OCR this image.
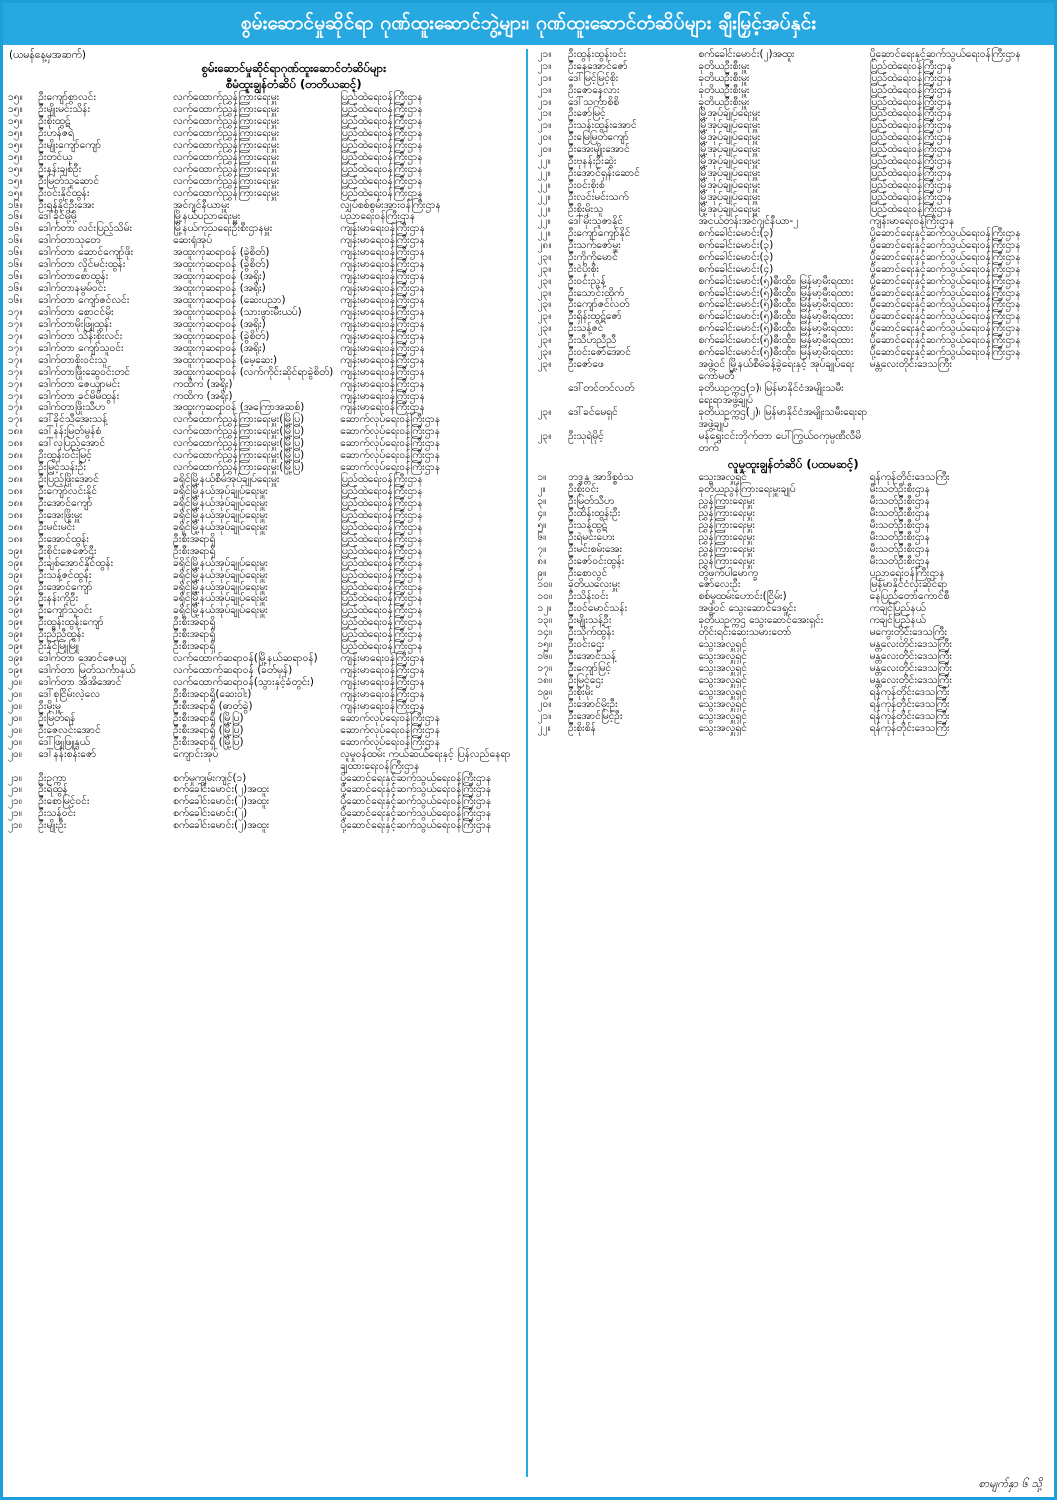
စွမ်းဆောင်မှုဆိုင်ရာ ဂုဏ်ထူးဆောင်ဘွဲ့များ၊ ဂုဏ်ထူးဆောင်တံဆိပ်များ ချီးမြှင့်အပ်နှင်း
(ယမန်နေ့မှအဆက်)
စွမ်းဆောင်မှုဆိုင်ရာဂုဏ်ထူးဆောင်တံဆိပ်များ
စီမံထူးချွန်တံဆိပ် (တတိယဆင့်)
၁၅။	ဦးကျော်စွာလင်း	လက်ထောက်ညွှန်ကြားရေးမှူး	ပြည်ထဲရေးဝန်ကြီးဌာန
၁၅။	ဦးမျိုးမင်းသိန်း	လက်ထောက်ညွှန်ကြားရေးမှူး	ပြည်ထဲရေးဝန်ကြီးဌာန
၁၅။	ဦးစိုးထွဋ်	လက်ထောက်ညွှန်ကြားရေးမှူး	ပြည်ထဲရေးဝန်ကြီးဌာန
၁၅။	ဦးဟန်ဇရဲ	လက်ထောက်ညွှန်ကြားရေးမှူး	ပြည်ထဲရေးဝန်ကြီးဌာန
၁၅။	ဦးမျိုးကျော်ကျော်	လက်ထောက်ညွှန်ကြားရေးမှူး	ပြည်ထဲရေးဝန်ကြီးဌာန
၁၅။	ဦးတင်ယု	လက်ထောက်ညွှန်ကြားရေးမှူး	ပြည်ထဲရေးဝန်ကြီးဌာန
၁၅။	ဦးနန်းချစ်ဦး	လက်ထောက်ညွှန်ကြားရေးမှူး	ပြည်ထဲရေးဝန်ကြီးဌာန
၁၅။	ဦးမြတ်သူဆောင်	လက်ထောက်ညွှန်ကြားရေးမှူး	ပြည်ထဲရေးဝန်ကြီးဌာန
၁၅။	ဦးဝင်းနိုင်ထွန်း	လက်ထောက်ညွှန်ကြားရေးမှူး	ပြည်ထဲရေးဝန်ကြီးဌာန
၁၆။	ဦးရန်နိုင်ဦးအေး	အင်ဂျင်နီယာမှူး	လျှပ်စစ်စွမ်းအားဝန်ကြီးဌာန
၁၆။	ဒေါ်ခိုင်မို့မို့	မြို့နယ်ပညာရေးမှူး	ပညာရေးဝန်ကြီးဌာန
၁၆။	ဒေါက်တာ လင်းပြည့်သိမ်း	မြို့နယ်ကုသရေးဦးစီးဌာနမှူး	ကျန်းမာရေးဝန်ကြီးဌာန
၁၆။	ဒေါက်တာသုတေ	ဆေးရုံအုပ်	ကျန်းမာရေးဝန်ကြီးဌာန
၁၆။	ဒေါက်တာ ဆောင်ကျော်ဖိုး	အထူးကုဆရာဝန် (ခွဲစိတ်)	ကျန်းမာရေးဝန်ကြီးဌာန
၁၆။	ဒေါက်တာ လှိုင်မင်းထွန်း	အထူးကုဆရာဝန် (ခွဲစိတ်)	ကျန်းမာရေးဝန်ကြီးဌာန
၁၆။	ဒေါက်တာစောထွန်း	အထူးကုဆရာဝန် (အရိုး)	ကျန်းမာရေးဝန်ကြီးဌာန
၁၆။	ဒေါက်တာနမွမ်ဝင်း	အထူးကုဆရာဝန် (အရိုး)	ကျန်းမာရေးဝန်ကြီးဌာန
၁၆။	ဒေါက်တာ ကျော်ဇင်လင်း	အထူးကုဆရာဝန် (ဆေးပညာ)	ကျန်းမာရေးဝန်ကြီးဌာန
၁၇။	ဒေါက်တာ စောငင်မိုး	အထူးကုဆရာဝန် (သားဖွားမီးယပ်)	ကျန်းမာရေးဝန်ကြီးဌာန
၁၇။	ဒေါက်တာမိုးဖြူထွန်း	အထူးကုဆရာဝန် (အရိုး)	ကျန်းမာရေးဝန်ကြီးဌာန
၁၇။	ဒေါက်တာ သိန်းစိုးလင်း	အထူးကုဆရာဝန် (ခွဲစိတ်)	ကျန်းမာရေးဝန်ကြီးဌာန
၁၇။	ဒေါက်တာ ကျော်သူဝင်း	အထူးကုဆရာဝန် (အရိုး)	ကျန်းမာရေးဝန်ကြီးဌာန
၁၇။	ဒေါက်တာစိုးဝင်းသူ	အထူးကုဆရာဝန် (မေ့ဆေး)	ကျန်းမာရေးဝန်ကြီးဌာန
၁၇။	ဒေါက်တာဖြိုးဆွေဝင်းတင်	အထူးကုဆရာဝန် (လက်ကိုင်းဆိုင်ရာခွဲစိတ်)	ကျန်းမာရေးဝန်ကြီးဌာန
၁၇။	ဒေါက်တာ ဇေယျာမင်း	ကထိက (အရိုး)	ကျန်းမာရေးဝန်ကြီးဌာန
၁၇။	ဒေါက်တာ ခင်မိမိထွန်း	ကထိက (အရိုး)	ကျန်းမာရေးဝန်ကြီးဌာန
၁၇။	ဒေါက်တာဖြိုးသီဟ	အထူးကုဆရာဝန် (အကြောအဆစ်)	ကျန်းမာရေးဝန်ကြီးဌာန
၁၇။	ဒေါ်ခိုင်သီအေးသန့်	လက်ထောက်ညွှန်ကြားရေးမှူး(မြို့ပြ)	ဆောက်လုပ်ရေးဝန်ကြီးဌာန
၁၈။	ဒေါ်နန်းမြတ်မွန်စံ	လက်ထောက်ညွှန်ကြားရေးမှူး(မြို့ပြ)	ဆောက်လုပ်ရေးဝန်ကြီးဌာန
၁၈။	ဒေါ်လှပြည့်အောင်	လက်ထောက်ညွှန်ကြားရေးမှူး(မြို့ပြ)	ဆောက်လုပ်ရေးဝန်ကြီးဌာန
၁၈။	ဦးထွန်းဝင်းမြင့်	လက်ထောက်ညွှန်ကြားရေးမှူး(မြို့ပြ)	ဆောက်လုပ်ရေးဝန်ကြီးဌာန
၁၈။	ဦးမြင့်သန်းဦး	လက်ထောက်ညွှန်ကြားရေးမှူး(မြို့ပြ)	ဆောက်လုပ်ရေးဝန်ကြီးဌာန
၁၈။	ဦးပြည့်ဖြိုးအောင်	ခရိုင်မြို့နယ်စီမံအုပ်ချုပ်ရေးမှူး	ပြည်ထဲရေးဝန်ကြီးဌာန
၁၈။	ဦးကျော်လင်းနိုင်	ခရိုင်မြို့နယ်အုပ်ချုပ်ရေးမှူး	ပြည်ထဲရေးဝန်ကြီးဌာန
၁၈။	ဦးအောင်ကျော်	ခရိုင်မြို့နယ်အုပ်ချုပ်ရေးမှူး	ပြည်ထဲရေးဝန်ကြီးဌာန
၁၈။	ဦးအေးဖြိုးမှူး	ခရိုင်မြို့နယ်အုပ်ချုပ်ရေးမှူး	ပြည်ထဲရေးဝန်ကြီးဌာန
၁၈။	ဦးမင်းမင်း	ခရိုင်မြို့နယ်အုပ်ချုပ်ရေးမှူး	ပြည်ထဲရေးဝန်ကြီးဌာန
၁၈။	ဦးအောင်ထွန်း	ဦးစီးအရာရှိ	ပြည်ထဲရေးဝန်ကြီးဌာန
၁၉။	ဦးစိုင်းဇေဇော်ဌီး	ဦးစီးအရာရှိ	ပြည်ထဲရေးဝန်ကြီးဌာန
၁၉။	ဦးချစ်အောင်နိုင်ထွန်း	ခရိုင်မြို့နယ်အုပ်ချုပ်ရေးမှူး	ပြည်ထဲရေးဝန်ကြီးဌာန
၁၉။	ဦးသန့်ဇင်ထွန်း	ခရိုင်မြို့နယ်အုပ်ချုပ်ရေးမှူး	ပြည်ထဲရေးဝန်ကြီးဌာန
၁၉။	ဦးအောင်ကျော်	ခရိုင်မြို့နယ်အုပ်ချုပ်ရေးမှူး	ပြည်ထဲရေးဝန်ကြီးဌာန
၁၉။	ဦးနန်းကိုဦး	ခရိုင်မြို့နယ်အုပ်ချုပ်ရေးမှူး	ပြည်ထဲရေးဝန်ကြီးဌာန
၁၉။	ဦးကျော်သူဝင်း	ခရိုင်မြို့နယ်အုပ်ချုပ်ရေးမှူး	ပြည်ထဲရေးဝန်ကြီးဌာန
၁၉။	ဦးထွန်းထွန်းကျော်	ဦးစီးအရာရှိ	ပြည်ထဲရေးဝန်ကြီးဌာန
၁၉။	ဦးညီညီထွန်း	ဦးစီးအရာရှိ	ပြည်ထဲရေးဝန်ကြီးဌာန
၁၉။	ဦးနိုင်မြူမြူ	ဦးစီးအရာရှိ	ပြည်ထဲရေးဝန်ကြီးဌာန
၁၉။	ဒေါက်တာ အောင်ဇေယျ	လက်ထောက်ဆရာဝန်(မြို့နယ်ဆရာဝန်)	ကျန်းမာရေးဝန်ကြီးဌာန
၁၉။	ဒေါက်တာ မြတ်သင်္ကာနှယ်	လက်ထောက်ဆရာဝန် (ခတ်မှန်)	ကျန်းမာရေးဝန်ကြီးဌာန
၂၀။	ဒေါက်တာ အိအိအောင်	လက်ထောက်ဆရာဝန်(သွားနှင့်ခံတွင်း)	ကျန်းမာရေးဝန်ကြီးဌာန
၂၀။	ဒေါ်စုငြိမ်းလဲ့လေ	ဦးစီးအရာရှိ(ဆေးဝါး)	ကျန်းမာရေးဝန်ကြီးဌာန
၂၀။	ဦးမိုးမှူ	ဦးစီးအရာရှိ (ဓာတ်ခွဲ)	ကျန်းမာရေးဝန်ကြီးဌာန
၂၀။	ဦးမြတ်ရန်	ဦးစီးအရာရှိ (မြို့ပြ)	ဆောက်လုပ်ရေးဝန်ကြီးဌာန
၂၀။	ဦးဇေလင်းအောင်	ဦးစီးအရာရှိ (မြို့ပြ)	ဆောက်လုပ်ရေးဝန်ကြီးဌာန
၂၀။	ဒေါ်ဖြူဖြူနွယ်	ဦးစီးအရာရှိ (မြို့ပြ)	ဆောက်လုပ်ရေးဝန်ကြီးဌာန
၂၀။	ဒေါ်နန်းစန်းဇော်	ကျောင်းအုပ်	လူမှုဝန်ထမ်း ကယ်ဆယ်ရေးနှင့် ပြန်လည်နေရာချထားရေးဝန်ကြီးဌာန
၂၁။	ဦးဥက္ကာ	စက်မှုကျွမ်းကျင်(၁)	ပို့ဆောင်ရေးနှင့်ဆက်သွယ်ရေးဝန်ကြီးဌာန
၂၁။	ဦးရဲထွန်	စက်ခေါင်းမောင်း(၂)အထူး	ပို့ဆောင်ရေးနှင့်ဆက်သွယ်ရေးဝန်ကြီးဌာန
၂၁။	ဦးစောမြင့်ဝင်း	စက်ခေါင်းမောင်း(၂)အထူး	ပို့ဆောင်ရေးနှင့်ဆက်သွယ်ရေးဝန်ကြီးဌာန
၂၁။	ဦးသန့်ဝင်း	စက်ခေါင်းမောင်း(၂)	ပို့ဆောင်ရေးနှင့်ဆက်သွယ်ရေးဝန်ကြီးဌာန
၂၁။	ဦးမျိုးဦး	စက်ခေါင်းမောင်း(၂)အထူး	ပို့ဆောင်ရေးနှင့်ဆက်သွယ်ရေးဝန်ကြီးဌာန
၂၁။	ဦးထွန်းထွန်းဝင်း	စက်ခေါင်းမောင်း(၂)အထူး	ပို့ဆောင်ရေးနှင့်ဆက်သွယ်ရေးဝန်ကြီးဌာန
၂၁။	ဦးနေအောင်ဇော်	ခုတိယဦးစီးမှူး	ပြည်ထဲရေးဝန်ကြီးဌာန
၂၁။	ဒေါ်မြင့်မြင့်စိုး	ခုတိယဦးစီးမှူး	ပြည်ထဲရေးဝန်ကြီးဌာန
၂၁။	ဦးဇောနေလား	ခုတိယဦးစီးမှူး	ပြည်ထဲရေးဝန်ကြီးဌာန
၂၁။	ဒေါ်သင်္ကာစိစိ	ခုတိယဦးစီးမှူး	ပြည်ထဲရေးဝန်ကြီးဌာန
၂၁။	ဦးဇော်မြင့်	မြို့အုပ်ချုပ်ရေးမှူး	ပြည်ထဲရေးဝန်ကြီးဌာန
၂၁။	ဦးသန်းထွန်းအောင်	မြို့အုပ်ချုပ်ရေးမှူး	ပြည်ထဲရေးဝန်ကြီးဌာန
၂၀။	ဦးမြေမြတ်ကျော်	မြို့အုပ်ချုပ်ရေးမှူး	ပြည်ထဲရေးဝန်ကြီးဌာန
၂၀။	ဦးအေးမျိုးအောင်	မြို့အုပ်ချုပ်ရေးမှူး	ပြည်ထဲရေးဝန်ကြီးဌာန
၂၂။	ဦးဗုနန်းဦးဆွဲး	မြို့အုပ်ချုပ်ရေးမှူး	ပြည်ထဲရေးဝန်ကြီးဌာန
၂၂။	ဦးအောင်ရှန်းဆောင်	မြို့အုပ်ချုပ်ရေးမှူး	ပြည်ထဲရေးဝန်ကြီးဌာန
၂၂။	ဦးဝင်းစိုးစံ	မြို့အုပ်ချုပ်ရေးမှူး	ပြည်ထဲရေးဝန်ကြီးဌာန
၂၂။	ဦးလင်းမင်းသက်	မြို့အုပ်ချုပ်ရေးမှူး	ပြည်ထဲရေးဝန်ကြီးဌာန
၂၂။	ဦးစိုးမိုးသူ	မြို့အုပ်ချုပ်ရေးမှူး	ပြည်ထဲရေးဝန်ကြီးဌာန
၂၂။	ဒေါ်မိုးသူဇာနိုင်	အငယ်တန်းအင်ဂျင်နီယာ-၂	ကျန်းမာရေးဝန်ကြီးဌာန
၂၂။	ဦးကျော်ကျော်နိုင်	စက်ခေါင်းမောင်း(၃)	ပို့ဆောင်ရေးနှင့်ဆက်သွယ်ရေးဝန်ကြီးဌာန
၂၈။	ဦးသက်ဇော်မှူး	စက်ခေါင်းမောင်း(၃)	ပို့ဆောင်ရေးနှင့်ဆက်သွယ်ရေးဝန်ကြီးဌာန
၂၃။	ဦးကိုကိုမောင်	စက်ခေါင်းမောင်း(၃)	ပို့ဆောင်ရေးနှင့်ဆက်သွယ်ရေးဝန်ကြီးဌာန
၂၃။	ဦးငဲပိုးစိုး	စက်ခေါင်းမောင်း(၄)	ပို့ဆောင်ရေးနှင့်ဆက်သွယ်ရေးဝန်ကြီးဌာန
၂၃။	ဦးဝင်းညွန့်	စက်ခေါင်းမောင်း(၅)ဓီးထိုး၊ မြန်မာ့မီးရထား	ပို့ဆောင်ရေးနှင့်ဆက်သွယ်ရေးဝန်ကြီးဌာန
၂၃။	ဦးသောင်းထိုက်	စက်ခေါင်းမောင်း(၅)ဓီးထိုး၊ မြန်မာ့မီးရထား	ပို့ဆောင်ရေးနှင့်ဆက်သွယ်ရေးဝန်ကြီးဌာန
၂၃။	ဦးကျော်ဇင်လတ်	စက်ခေါင်းမောင်း(၅)ဓီးထိုး၊ မြန်မာ့မီးရထား	ပို့ဆောင်ရေးနှင့်ဆက်သွယ်ရေးဝန်ကြီးဌာန
၂၃။	ဦးရှိန်းထွဋ်ဇော်	စက်ခေါင်းမောင်း(၅)ဓီးထိုး၊ မြန်မာ့မီးရထား	ပို့ဆောင်ရေးနှင့်ဆက်သွယ်ရေးဝန်ကြီးဌာန
၂၃။	ဦးသန့်ဇင်	စက်ခေါင်းမောင်း(၅)ဓီးထိုး၊ မြန်မာ့မီးရထား	ပို့ဆောင်ရေးနှင့်ဆက်သွယ်ရေးဝန်ကြီးဌာန
၂၃။	ဦးသီဟညီညီ	စက်ခေါင်းမောင်း(၅)ဓီးထိုး၊ မြန်မာ့မီးရထား	ပို့ဆောင်ရေးနှင့်ဆက်သွယ်ရေးဝန်ကြီးဌာန
၂၃။	ဦးဝင်းဇော်အောင်	စက်ခေါင်းမောင်း(၅)ဓီးထိုး၊ မြန်မာ့မီးရထား	ပို့ဆောင်ရေးနှင့်ဆက်သွယ်ရေးဝန်ကြီးဌာန
၂၃။	ဦးဇော်ဖေ	အဖွဲ့ဝင် မြို့နယ်စီမံခန့်ခွဲရေးနှင့် အုပ်ချုပ်ရေးကော်မတီ	မန္တလေးတိုင်းဒေသကြီး
	ဒေါ်တင်တင်လတ်	ခုတိယဥက္ကဌ(၁)၊ မြန်မာနိုင်ငံအမျိုးသမီးရေးရာအဖွဲ့ချုပ်	
၂၃။	ဒေါ်ခင်မေရှင်	ခုတိယဥက္ကဌ(၂)၊ မြန်မာနိုင်ငံအမျိုးသမီးရေးရာအဖွဲ့ချုပ်	
၂၃။	ဦးသုရဲမိုင့်	မန်ရွေးငင်းဘိုက်တာ ပေါ်ကြွယ်ဝကုမ္ပဏီလီမိတက်	
လူမှုထူးချွန်တံဆိပ် (ပထမဆင့်)
၁။	ဘဒ္ဒန္တ အာဒိစ္စဝံသ	သွေးအလှူရှင်	ရန်ကုန်တိုင်းဒေသကြီး
၂။	ဦးစိုးဝင်း	ခုတိယညွန်ကြားရေးမှူးချုပ်	မီးသတ်ဦးစီးဌာန
၃။	ဦးမြတ်သီဟ	ညွှန်ကြားရေးမှူး	မီးသတ်ဦးစီးဌာန
၄။	ဦးထိန်းထွန်းဦး	ညွှန်ကြားရေးမှူး	မီးသတ်ဦးစီးဌာန
၅။	ဦးသန့်ထွဋ်	ညွှန်ကြားရေးမှူး	မီးသတ်ဦးစီးဌာန
၆။	ဦးရဲမင်းဟေး	ညွှန်ကြားရေးမှူး	မီးသတ်ဦးစီးဌာန
၇။	ဦးမင်းစမ်းအေး	ညွှန်ကြားရေးမှူး	မီးသတ်ဦးစီးဌာန
၈။	ဦးဇော်ဝင်းထွန်း	ညွှန်ကြားရေးမှူး	မီးသတ်ဦးစီးဌာန
၉။	ဦးစောလွင်	တွဲဖက်ပါမောက္ခ	ပညာရေးဝန်ကြီးဌာန
၁၀။	ခုတိယလေးမှူး	ဇော်လေးဦး	မြန်မာနိုင်ငံလုံးဆိုင်ရာ
၁၀။	ဦးသိန်းဝင်း	စစ်မှုထမ်းဟောင်း(ငြိမ်း)	နေပြည်တော်ကောင်စီ
၁၂။	ဦးဝင်မောင်သန်း	အဖွဲ့ဝင် သွေးဆောင်ဒေရှုင်း	ကချင်ပြည်နယ်
၁၃။	ဦးမျိုးသန့်ဦး	ခုတိယဥက္ကဌ သွေးဆောင်အေးရှင်း	ကချင်ပြည်နယ်
၁၄။	ဦးသိုက်ထွန်း	တိုင်းရင်းဆေးသမားတော်	မကွေးတိုင်းဒေသကြီး
၁၅။	ဦးဝင်းဌေး	သွေးအလှူရှင်	မန္တလေးတိုင်းဒေသကြီး
၁၆။	ဦးအောင်သန့်	သွေးအလှူရှင်	မန္တလေးတိုင်းဒေသကြီး
၁၇။	ဦးကျော်မြင့်	သွေးအလှူရှင်	မန္တလေးတိုင်းဒေသကြီး
၁၈။	ဦးမြင့်ဌေး	သွေးအလှူရှင်	မန္တလေးတိုင်းဒေသကြီး
၁၉။	ဦးစိုးမိုး	သွေးအလှူရှင်	ရန်ကုန်တိုင်းဒေသကြီး
၂၀။	ဦးအောင်မိုးဦး	သွေးအလှူရှင်	ရန်ကုန်တိုင်းဒေသကြီး
၂၁။	ဦးအောင်မြင့်ဦး	သွေးအလှူရှင်	ရန်ကုန်တိုင်းဒေသကြီး
၂၂။	ဦးစိုးစိန်	သွေးအလှူရှင်	ရန်ကုန်တိုင်းဒေသကြီး
စာမျက်နှာ ၆ သို့
